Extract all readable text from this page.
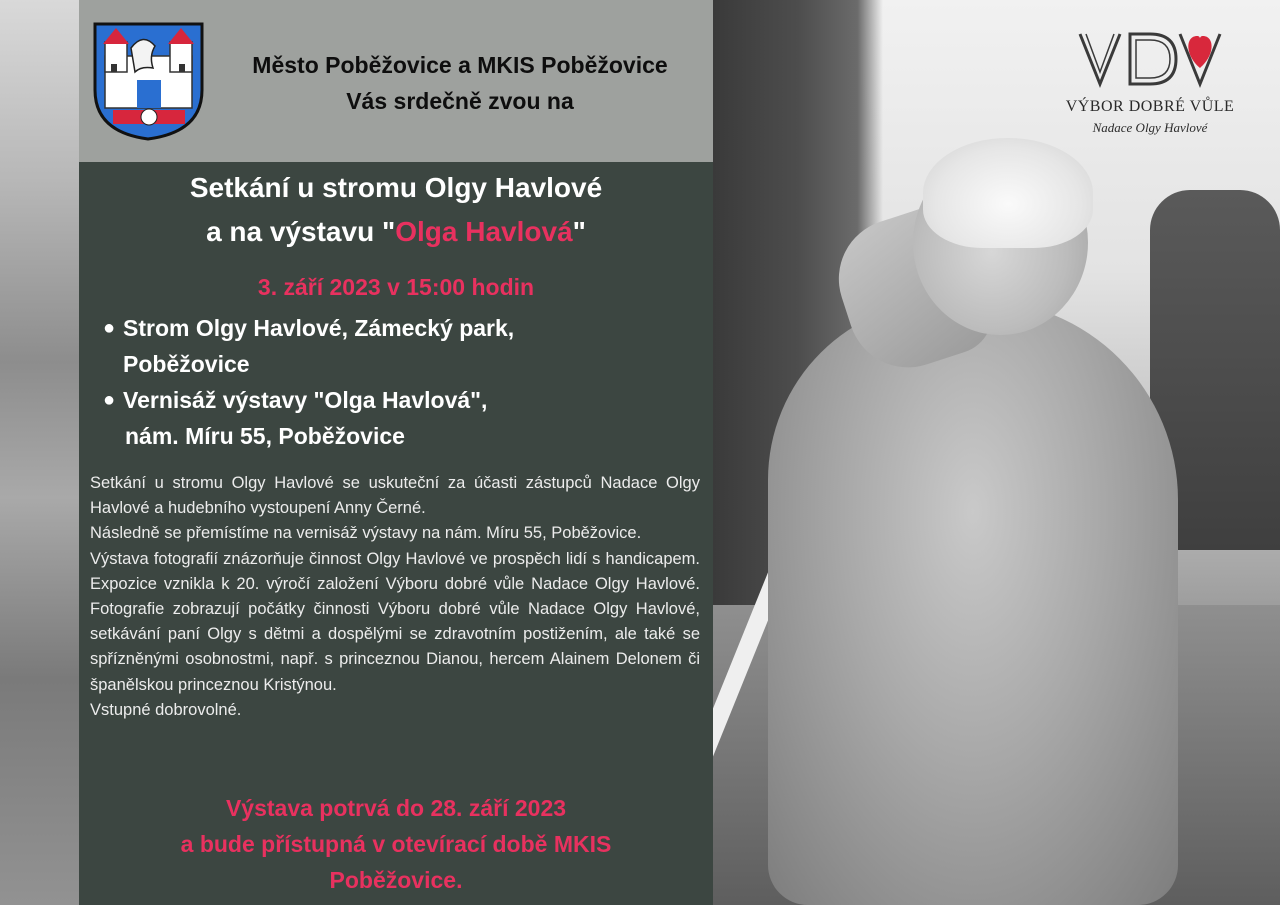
VÝBOR DOBRÉ VŮLE
Nadace Olgy Havlové
Město Poběžovice a MKIS Poběžovice
Vás srdečně zvou na
Setkání u stromu Olgy Havlové
a na výstavu "Olga Havlová"
3. září 2023 v 15:00 hodin
● Strom Olgy Havlové, Zámecký park,
Poběžovice
● Vernisáž výstavy "Olga Havlová",
nám. Míru 55, Poběžovice

Setkání u stromu Olgy Havlové se uskuteční za účasti zástupců Nadace Olgy Havlové a hudebního vystoupení Anny Černé.

Následně se přemístíme na vernisáž výstavy na nám. Míru 55, Poběžovice.

Výstava fotografií znázorňuje činnost Olgy Havlové ve prospěch lidí s handicapem. Expozice vznikla k 20. výročí založení Výboru dobré vůle Nadace Olgy Havlové. Fotografie zobrazují počátky činnosti Výboru dobré vůle Nadace Olgy Havlové, setkávání paní Olgy s dětmi a dospělými se zdravotním postižením, ale také se spřízněnými osobnostmi, např. s princeznou Dianou, hercem Alainem Delonem či španělskou princeznou Kristýnou.

Vstupné dobrovolné.

Výstava potrvá do 28. září 2023
a bude přístupná v otevírací době MKIS
Poběžovice.
